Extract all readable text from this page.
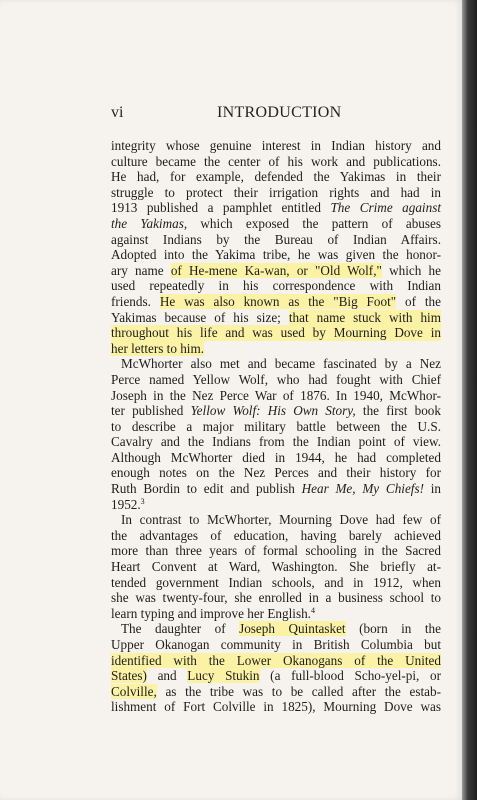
vi	INTRODUCTION
integrity whose genuine interest in Indian history and
culture became the center of his work and publications.
He had, for example, defended the Yakimas in their
struggle to protect their irrigation rights and had in
1913 published a pamphlet entitled The Crime against
the Yakimas, which exposed the pattern of abuses
against Indians by the Bureau of Indian Affairs.
Adopted into the Yakima tribe, he was given the honor-
ary name of He-mene Ka-wan, or "Old Wolf," which he
used repeatedly in his correspondence with Indian
friends. He was also known as the "Big Foot" of the
Yakimas because of his size; that name stuck with him
throughout his life and was used by Mourning Dove in
her letters to him.
McWhorter also met and became fascinated by a Nez
Perce named Yellow Wolf, who had fought with Chief
Joseph in the Nez Perce War of 1876. In 1940, McWhor-
ter published Yellow Wolf: His Own Story, the first book
to describe a major military battle between the U.S.
Cavalry and the Indians from the Indian point of view.
Although McWhorter died in 1944, he had completed
enough notes on the Nez Perces and their history for
Ruth Bordin to edit and publish Hear Me, My Chiefs! in
1952.$^3$
In contrast to McWhorter, Mourning Dove had few of
the advantages of education, having barely achieved
more than three years of formal schooling in the Sacred
Heart Convent at Ward, Washington. She briefly at-
tended government Indian schools, and in 1912, when
she was twenty-four, she enrolled in a business school to
learn typing and improve her English.$^4$
The daughter of Joseph Quintasket (born in the
Upper Okanogan community in British Columbia but
identified with the Lower Okanogans of the United
States) and Lucy Stukin (a full-blood Scho-yel-pi, or
Colville, as the tribe was to be called after the estab-
lishment of Fort Colville in 1825), Mourning Dove was
